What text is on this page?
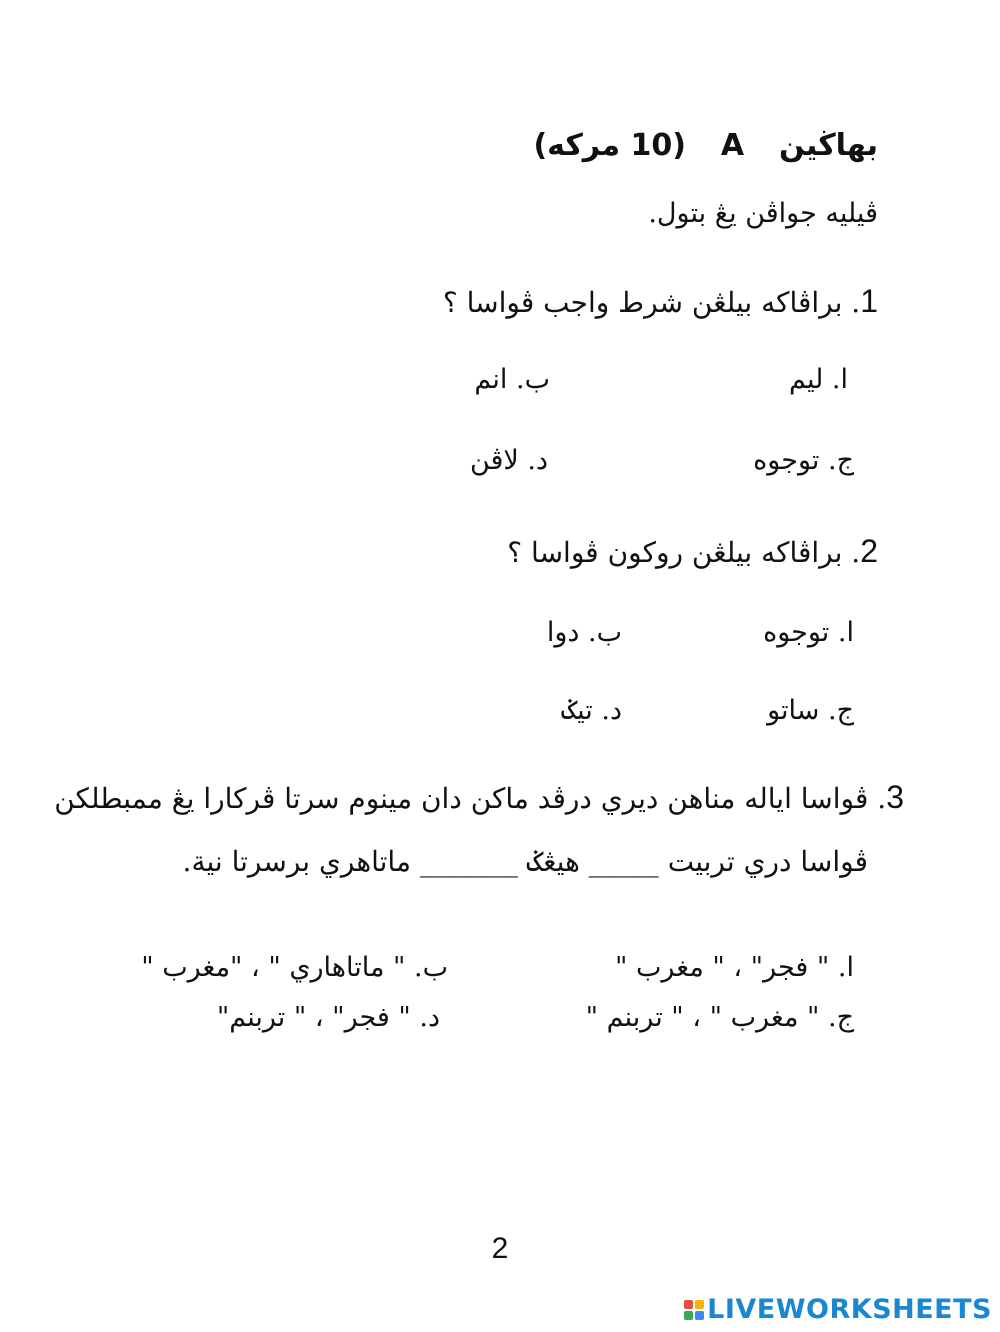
بهاڬين  A  (10 مركه)
ڤيليه جواڤن يڠ بتول.
1. براڤاکه بيلڠن شرط واجب ڤواسا ؟
ا. ليم
ب. انم
ج. توجوه
د. لاڤن
2. براڤاکه بيلڠن روکون ڤواسا ؟
ا. توجوه
ب. دوا
ج. ساتو
د. تيݢ
3. ڤواسا اياله مناهن ديري درڤد ماکن دان مينوم سرتا ڤرکارا يڠ ممبطلکن
ڤواسا دري تربيت _____ هيڠݢ _______ ماتاهري برسرتا نية.
ا. " فجر" ، " مغرب "
ب. " ماتاهاري " ، "مغرب "
ج. " مغرب " ، " تربنم "
د. " فجر" ، " تربنم"
2
LIVEWORKSHEETS
